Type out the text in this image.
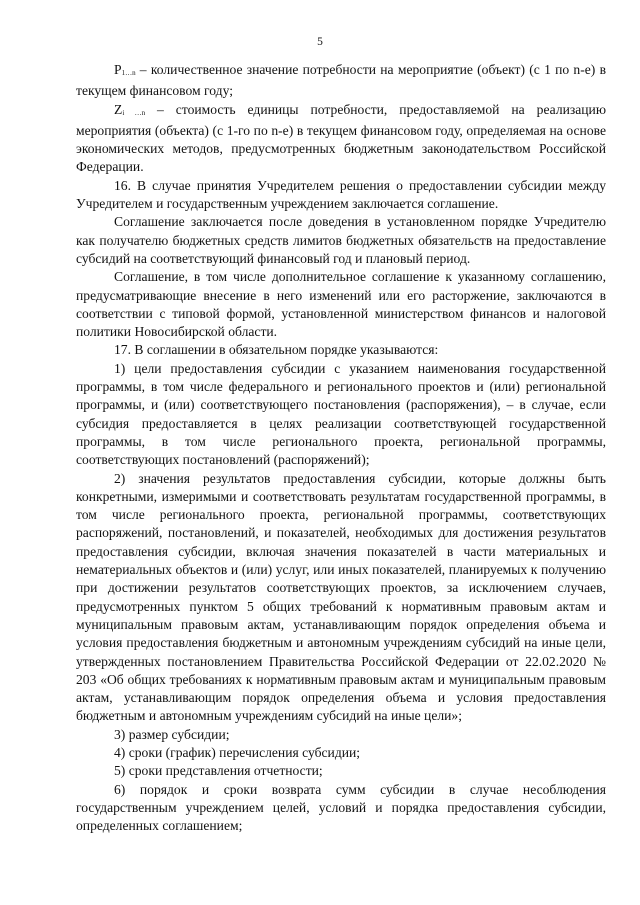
5

P1…n – количественное значение потребности на мероприятие (объект) (с 1 по n-е) в текущем финансовом году;

Zi …n – стоимость единицы потребности, предоставляемой на реализацию мероприятия (объекта) (с 1-го по n-е) в текущем финансовом году, определяемая на основе экономических методов, предусмотренных бюджетным законодательством Российской Федерации.

16. В случае принятия Учредителем решения о предоставлении субсидии между Учредителем и государственным учреждением заключается соглашение.

Соглашение заключается после доведения в установленном порядке Учредителю как получателю бюджетных средств лимитов бюджетных обязательств на предоставление субсидий на соответствующий финансовый год и плановый период.

Соглашение, в том числе дополнительное соглашение к указанному соглашению, предусматривающие внесение в него изменений или его расторжение, заключаются в соответствии с типовой формой, установленной министерством финансов и налоговой политики Новосибирской области.

17. В соглашении в обязательном порядке указываются:

1) цели предоставления субсидии с указанием наименования государственной программы, в том числе федерального и регионального проектов и (или) региональной программы, и (или) соответствующего постановления (распоряжения), – в случае, если субсидия предоставляется в целях реализации соответствующей государственной программы, в том числе регионального проекта, региональной программы, соответствующих постановлений (распоряжений);

2) значения результатов предоставления субсидии, которые должны быть конкретными, измеримыми и соответствовать результатам государственной программы, в том числе регионального проекта, региональной программы, соответствующих распоряжений, постановлений, и показателей, необходимых для достижения результатов предоставления субсидии, включая значения показателей в части материальных и нематериальных объектов и (или) услуг, или иных показателей, планируемых к получению при достижении результатов соответствующих проектов, за исключением случаев, предусмотренных пунктом 5 общих требований к нормативным правовым актам и муниципальным правовым актам, устанавливающим порядок определения объема и условия предоставления бюджетным и автономным учреждениям субсидий на иные цели, утвержденных постановлением Правительства Российской Федерации от 22.02.2020 № 203 «Об общих требованиях к нормативным правовым актам и муниципальным правовым актам, устанавливающим порядок определения объема и условия предоставления бюджетным и автономным учреждениям субсидий на иные цели»;

3) размер субсидии;

4) сроки (график) перечисления субсидии;

5) сроки представления отчетности;

6) порядок и сроки возврата сумм субсидии в случае несоблюдения государственным учреждением целей, условий и порядка предоставления субсидии, определенных соглашением;
